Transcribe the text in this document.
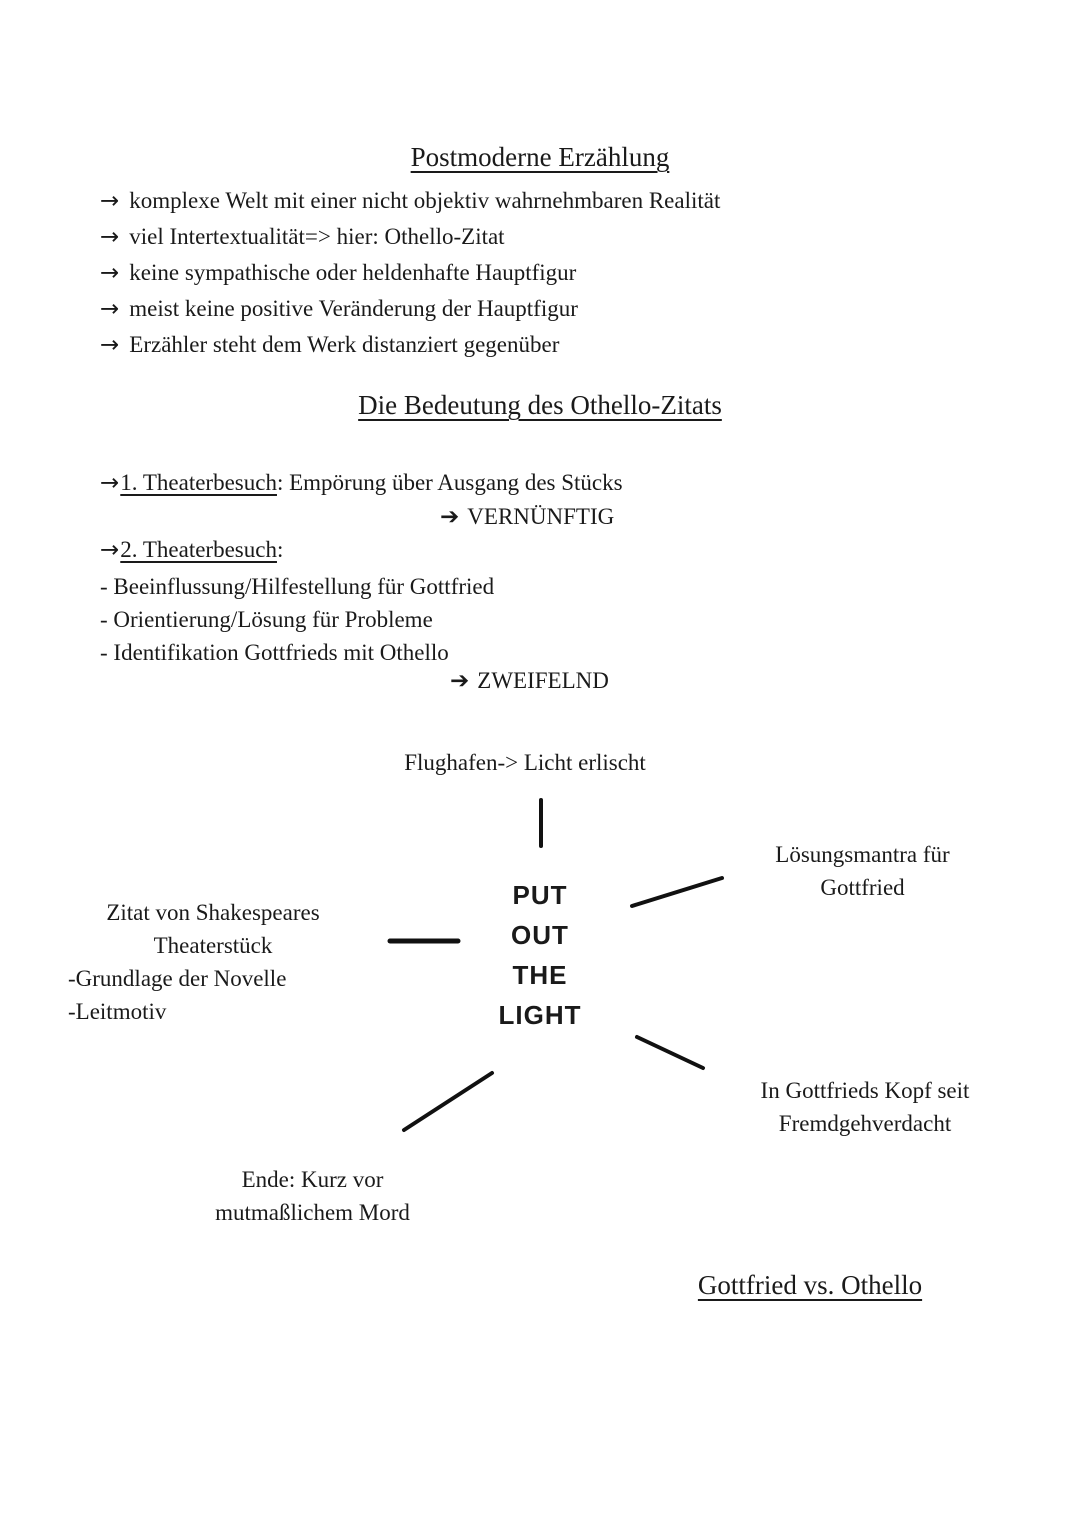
Postmoderne Erzählung
→ komplexe Welt mit einer nicht objektiv wahrnehmbaren Realität
→ viel Intertextualität=> hier: Othello-Zitat
→ keine sympathische oder heldenhafte Hauptfigur
→ meist keine positive Veränderung der Hauptfigur
→ Erzähler steht dem Werk distanziert gegenüber
Die Bedeutung des Othello-Zitats
→1. Theaterbesuch: Empörung über Ausgang des Stücks
➔ VERNÜNFTIG
→2. Theaterbesuch:
- Beeinflussung/Hilfestellung für Gottfried
- Orientierung/Lösung für Probleme
- Identifikation Gottfrieds mit Othello
➔ ZWEIFELND
Flughafen-> Licht erlischt
PUT
OUT
THE
LIGHT
Lösungsmantra für
Gottfried
Zitat von Shakespeares
Theaterstück
-Grundlage der Novelle
-Leitmotiv
In Gottfrieds Kopf seit
Fremdgehverdacht
Ende: Kurz vor
mutmaßlichem Mord
Gottfried vs. Othello
